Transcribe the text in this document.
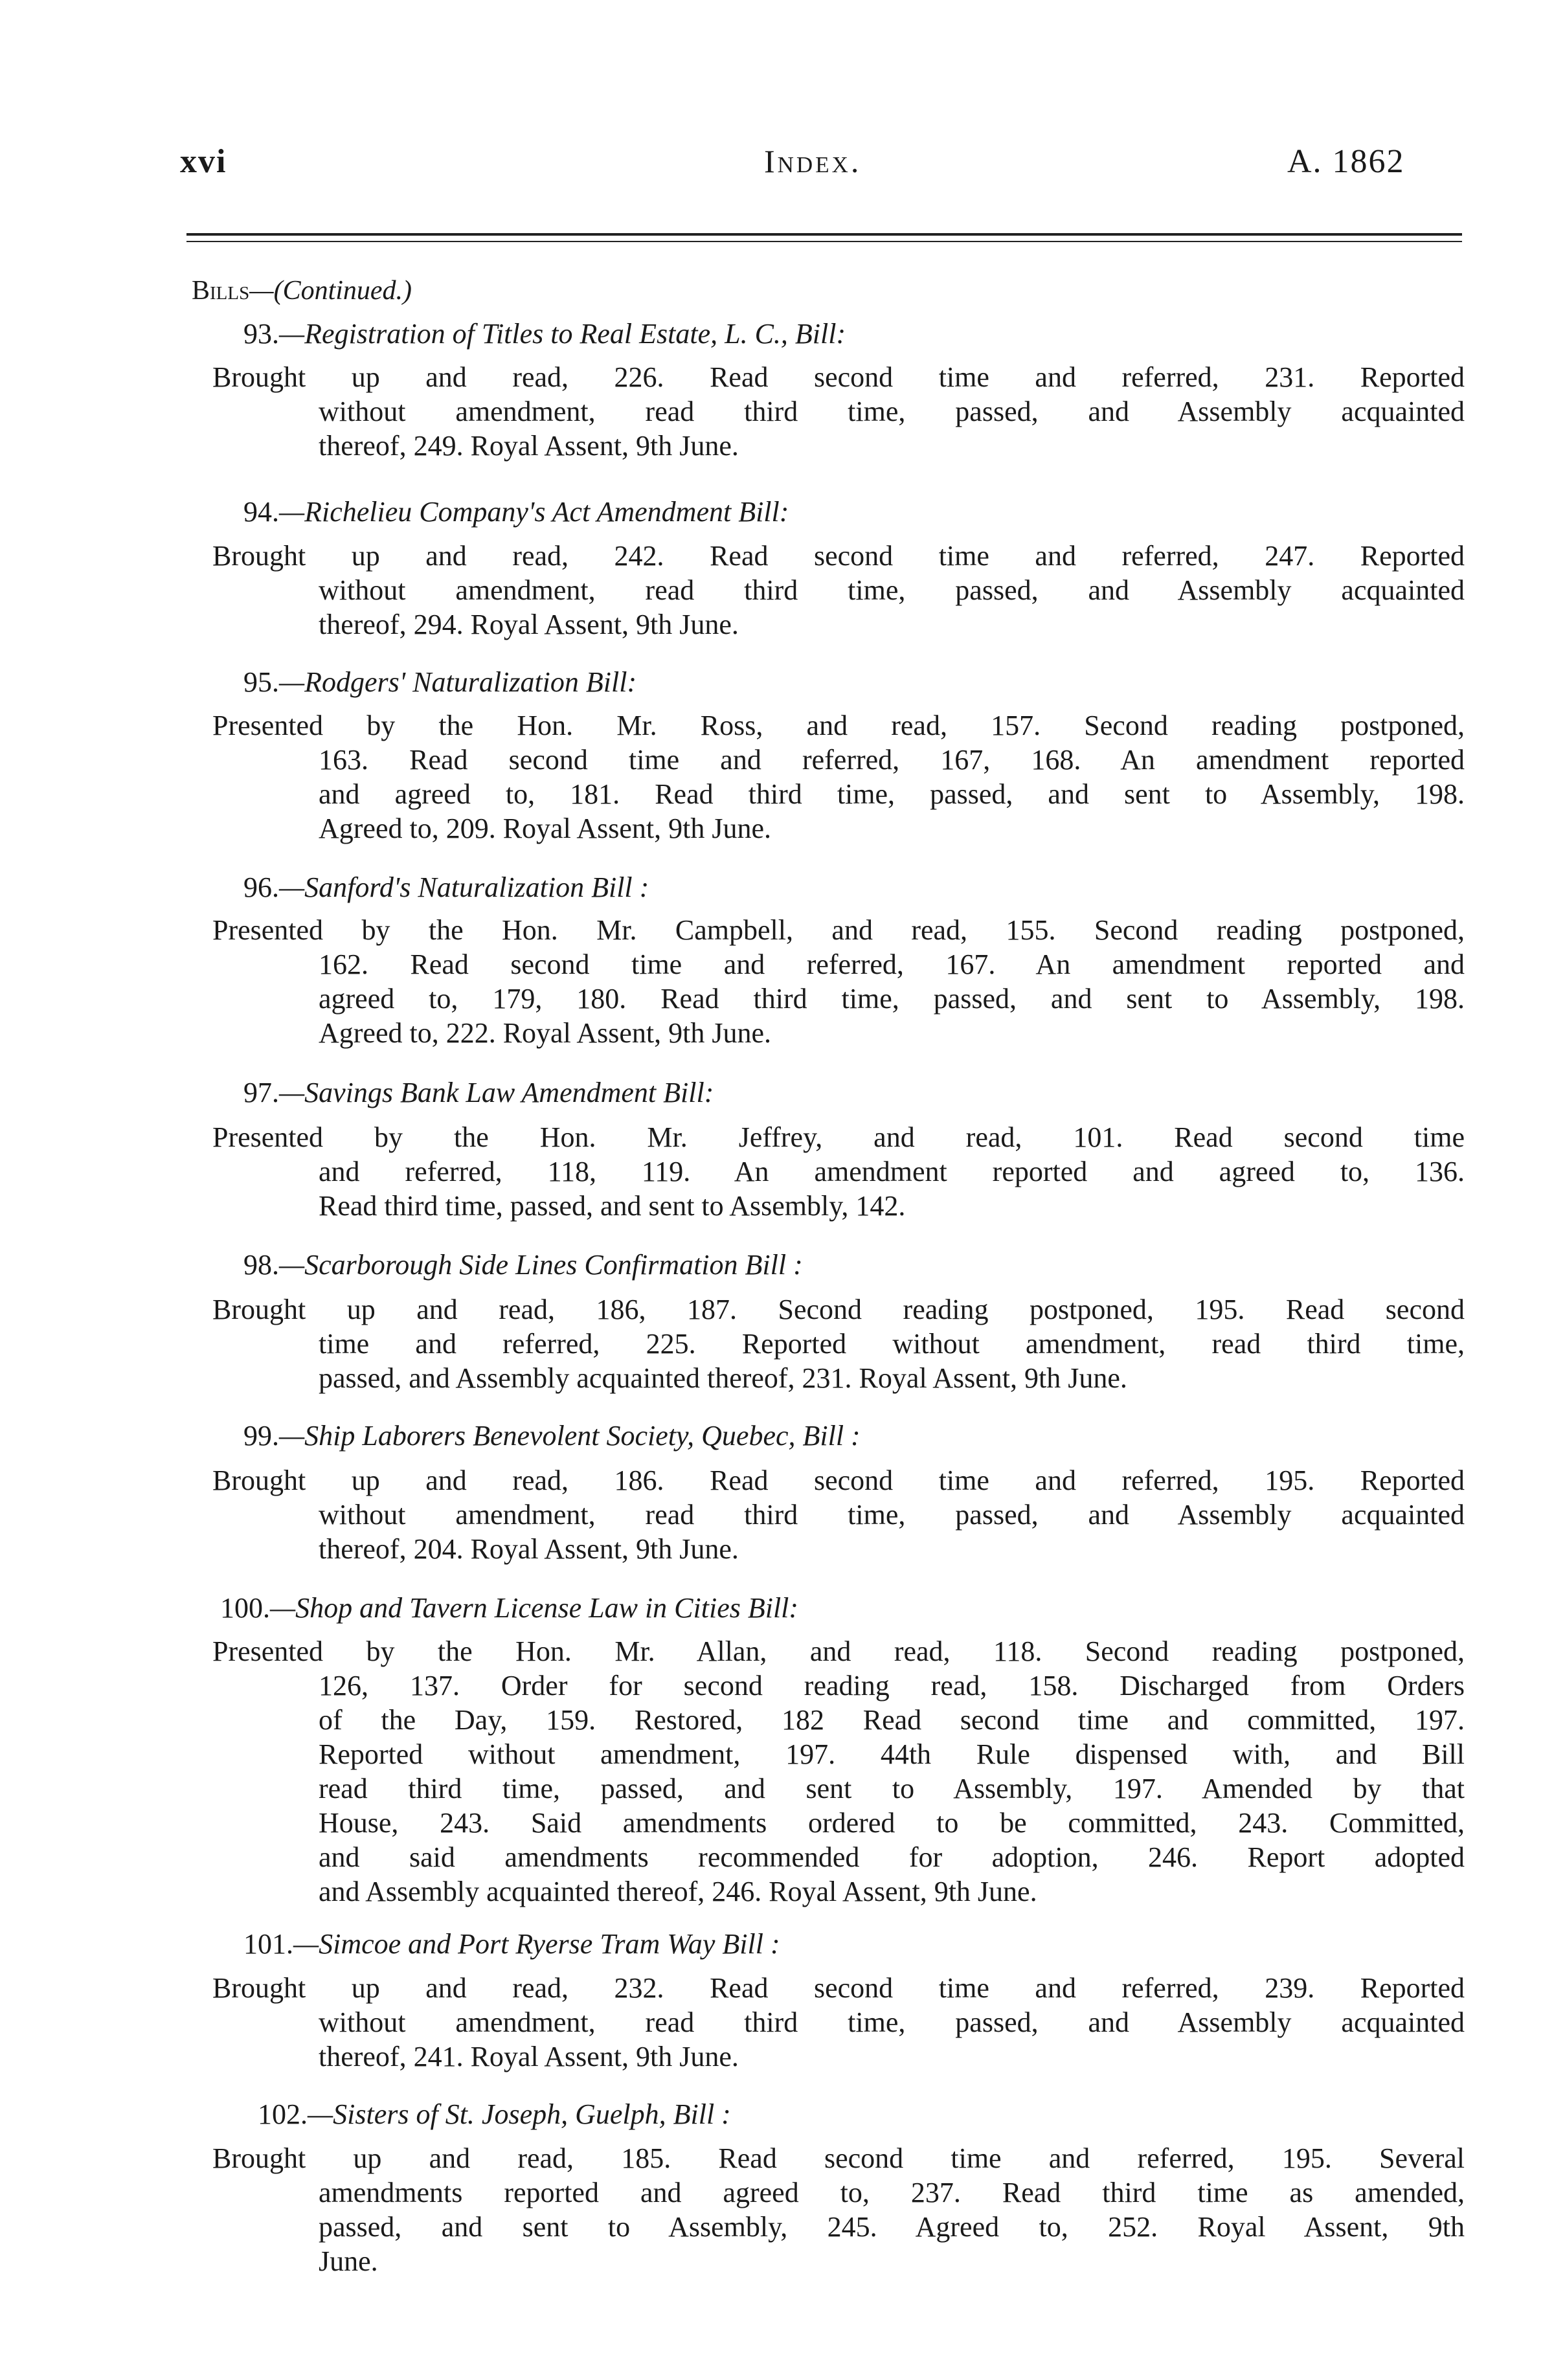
xvi	Index.	A. 1862
Bills—(Continued.)
93.—Registration of Titles to Real Estate, L. C., Bill:
Brought up and read, 226. Read second time and referred, 231. Reported
without amendment, read third time, passed, and Assembly acquainted
thereof, 249. Royal Assent, 9th June.
94.—Richelieu Company's Act Amendment Bill:
Brought up and read, 242. Read second time and referred, 247. Reported
without amendment, read third time, passed, and Assembly acquainted
thereof, 294. Royal Assent, 9th June.
95.—Rodgers' Naturalization Bill:
Presented by the Hon. Mr. Ross, and read, 157. Second reading postponed,
163. Read second time and referred, 167, 168. An amendment reported
and agreed to, 181. Read third time, passed, and sent to Assembly, 198.
Agreed to, 209. Royal Assent, 9th June.
96.—Sanford's Naturalization Bill :
Presented by the Hon. Mr. Campbell, and read, 155. Second reading postponed,
162. Read second time and referred, 167. An amendment reported and
agreed to, 179, 180. Read third time, passed, and sent to Assembly, 198.
Agreed to, 222. Royal Assent, 9th June.
97.—Savings Bank Law Amendment Bill:
Presented by the Hon. Mr. Jeffrey, and read, 101. Read second time
and referred, 118, 119. An amendment reported and agreed to, 136.
Read third time, passed, and sent to Assembly, 142.
98.—Scarborough Side Lines Confirmation Bill :
Brought up and read, 186, 187. Second reading postponed, 195. Read second
time and referred, 225. Reported without amendment, read third time,
passed, and Assembly acquainted thereof, 231. Royal Assent, 9th June.
99.—Ship Laborers Benevolent Society, Quebec, Bill :
Brought up and read, 186. Read second time and referred, 195. Reported
without amendment, read third time, passed, and Assembly acquainted
thereof, 204. Royal Assent, 9th June.
100.—Shop and Tavern License Law in Cities Bill:
Presented by the Hon. Mr. Allan, and read, 118. Second reading postponed,
126, 137. Order for second reading read, 158. Discharged from Orders
of the Day, 159. Restored, 182 Read second time and committed, 197.
Reported without amendment, 197. 44th Rule dispensed with, and Bill
read third time, passed, and sent to Assembly, 197. Amended by that
House, 243. Said amendments ordered to be committed, 243. Committed,
and said amendments recommended for adoption, 246. Report adopted
and Assembly acquainted thereof, 246. Royal Assent, 9th June.
101.—Simcoe and Port Ryerse Tram Way Bill :
Brought up and read, 232. Read second time and referred, 239. Reported
without amendment, read third time, passed, and Assembly acquainted
thereof, 241. Royal Assent, 9th June.
102.—Sisters of St. Joseph, Guelph, Bill :
Brought up and read, 185. Read second time and referred, 195. Several
amendments reported and agreed to, 237. Read third time as amended,
passed, and sent to Assembly, 245. Agreed to, 252. Royal Assent, 9th
June.
